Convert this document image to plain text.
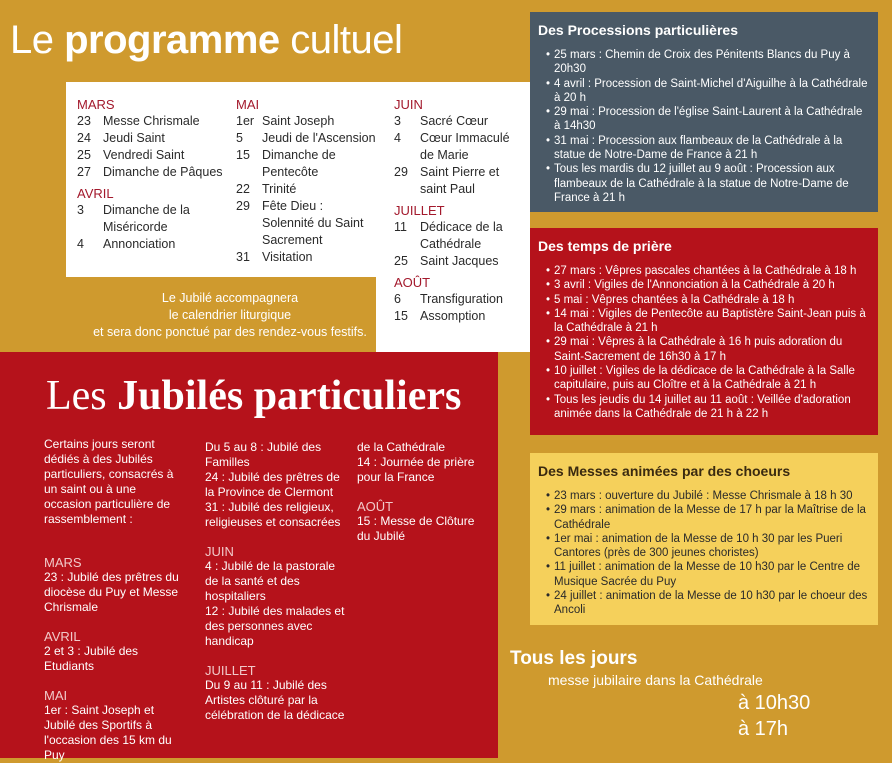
Le programme cultuel
MARS
23 Messe Chrismale
24 Jeudi Saint
25 Vendredi Saint
27 Dimanche de Pâques
AVRIL
3	Dimanche de la Miséricorde
4	Annonciation
MAI
1er Saint Joseph
5	Jeudi de l'Ascension
15 Dimanche de Pentecôte
22 Trinité
29 Fête Dieu : Solennité du Saint Sacrement
31 Visitation
JUIN
3	Sacré Cœur
4	Cœur Immaculé de Marie
29 Saint Pierre et saint Paul
JUILLET
11	Dédicace de la Cathédrale
25 Saint Jacques
AOÛT
6	Transfiguration
15 Assomption
Le Jubilé accompagnera
le calendrier liturgique
et sera donc ponctué par des rendez-vous festifs.
Les Jubilés particuliers
Certains jours seront dédiés à des Jubilés particuliers, consacrés à un saint ou à une occasion particulière de rassemblement :
MARS
23 : Jubilé des prêtres du diocèse du Puy et Messe Chrismale
AVRIL
2 et 3 : Jubilé des Etudiants
MAI
1er : Saint Joseph et Jubilé des Sportifs à l'occasion des 15 km du Puy
Du 5 au 8 : Jubilé des Familles
24 : Jubilé des prêtres de la Province de Clermont
31 : Jubilé des religieux, religieuses et consacrées
JUIN
4 : Jubilé de la pastorale de la santé et des hospitaliers
12 : Jubilé des malades et des personnes avec handicap
JUILLET
Du 9 au 11 : Jubilé des Artistes clôturé par la célébration de la dédicace
de la Cathédrale
14 : Journée de prière pour la France
AOÛT
15 : Messe de Clôture du Jubilé
Des Processions particulières
• 25 mars : Chemin de Croix des Pénitents Blancs du Puy à 20h30
• 4 avril : Procession de Saint-Michel d'Aiguilhe à la Cathédrale à 20 h
• 29 mai : Procession de l'église Saint-Laurent à la Cathédrale à 14h30
• 31 mai : Procession aux flambeaux de la Cathédrale à la statue de Notre-Dame de France à 21 h
• Tous les mardis du 12 juillet au 9 août : Procession aux flambeaux de la Cathédrale à la statue de Notre-Dame de France à 21 h
Des temps de prière
• 27 mars : Vêpres pascales chantées à la Cathédrale à 18 h
• 3 avril : Vigiles de l'Annonciation à la Cathédrale à 20 h
• 5 mai : Vêpres chantées à la Cathédrale à 18 h
• 14 mai : Vigiles de Pentecôte au Baptistère Saint-Jean puis à la Cathédrale à 21 h
• 29 mai : Vêpres à la Cathédrale à 16 h puis adoration du Saint-Sacrement de 16h30 à 17 h
• 10 juillet : Vigiles de la dédicace de la Cathédrale à la Salle capitulaire, puis au Cloître et à la Cathédrale à 21 h
• Tous les jeudis du 14 juillet au 11 août : Veillée d'adoration animée dans la Cathédrale de 21 h à 22 h
Des Messes animées par des choeurs
• 23 mars : ouverture du Jubilé : Messe Chrismale à 18 h 30
• 29 mars : animation de la Messe de 17 h par la Maîtrise de la Cathédrale
• 1er mai : animation de la Messe de 10 h 30 par les Pueri Cantores (près de 300 jeunes choristes)
• 11 juillet : animation de la Messe de 10 h30 par le Centre de Musique Sacrée du Puy
• 24 juillet : animation de la Messe de 10 h30 par le choeur des Ancoli
Tous les jours
messe jubilaire dans la Cathédrale
à 10h30
à 17h
